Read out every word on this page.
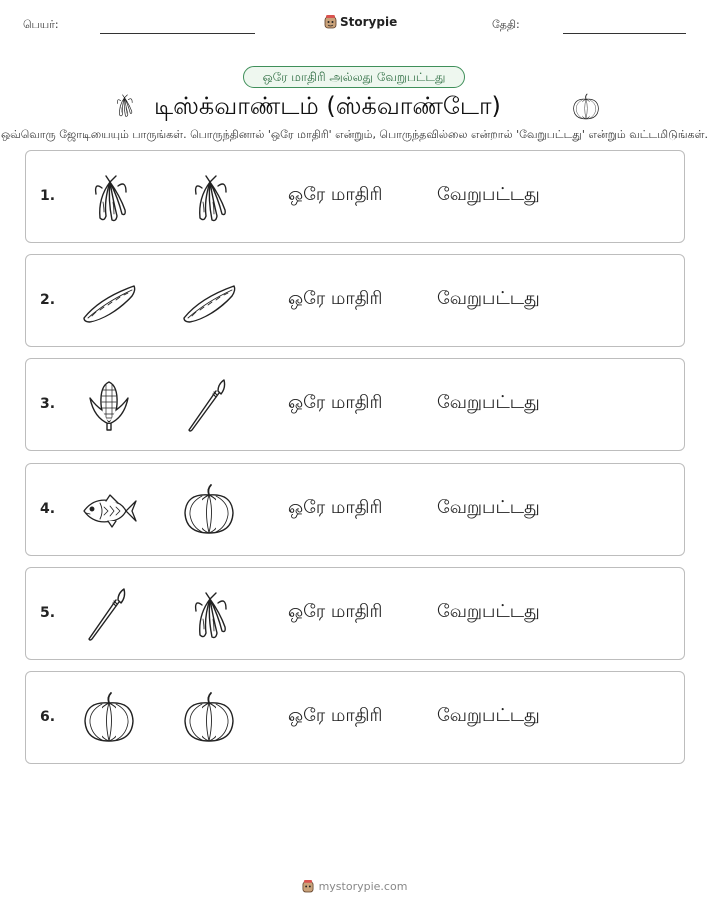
பெயர்:	Storypie	தேதி:
ஒரே மாதிரி அல்லது வேறுபட்டது
டிஸ்க்வாண்டம் (ஸ்க்வாண்டோ)
ஒவ்வொரு ஜோடியையும் பாருங்கள். பொருந்தினால் 'ஒரே மாதிரி' என்றும், பொருந்தவில்லை என்றால் 'வேறுபட்டது' என்றும் வட்டமிடுங்கள்.
1.	ஒரே மாதிரி	வேறுபட்டது
2.	ஒரே மாதிரி	வேறுபட்டது
3.	ஒரே மாதிரி	வேறுபட்டது
4.	ஒரே மாதிரி	வேறுபட்டது
5.	ஒரே மாதிரி	வேறுபட்டது
6.	ஒரே மாதிரி	வேறுபட்டது
mystorypie.com
